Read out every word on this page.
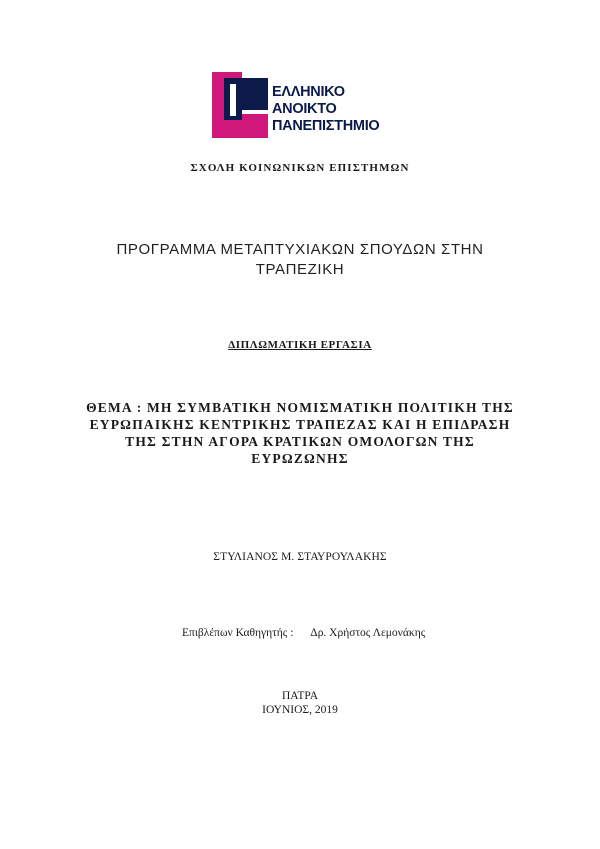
ΕΛΛΗΝΙΚΟ
ΑΝΟΙΚΤΟ
ΠΑΝΕΠΙΣΤΗΜΙΟ
ΣΧΟΛΗ ΚΟΙΝΩΝΙΚΩΝ ΕΠΙΣΤΗΜΩΝ
ΠΡΟΓΡΑΜΜΑ ΜΕΤΑΠΤΥΧΙΑΚΩΝ ΣΠΟΥΔΩΝ ΣΤΗΝ
ΤΡΑΠΕΖΙΚΗ
ΔΙΠΛΩΜΑΤΙΚΗ ΕΡΓΑΣΙΑ
ΘΕΜΑ : ΜΗ ΣΥΜΒΑΤΙΚΗ ΝΟΜΙΣΜΑΤΙΚΗ ΠΟΛΙΤΙΚΗ ΤΗΣ
ΕΥΡΩΠΑΙΚΗΣ ΚΕΝΤΡΙΚΗΣ ΤΡΑΠΕΖΑΣ ΚΑΙ Η ΕΠΙΔΡΑΣΗ
ΤΗΣ ΣΤΗΝ ΑΓΟΡΑ ΚΡΑΤΙΚΩΝ ΟΜΟΛΟΓΩΝ ΤΗΣ
ΕΥΡΩΖΩΝΗΣ
ΣΤΥΛΙΑΝΟΣ Μ. ΣΤΑΥΡΟΥΛΑΚΗΣ
Επιβλέπων Καθηγητής : Δρ. Χρήστος Λεμονάκης
ΠΑΤΡΑ
ΙΟΥΝΙΟΣ, 2019
